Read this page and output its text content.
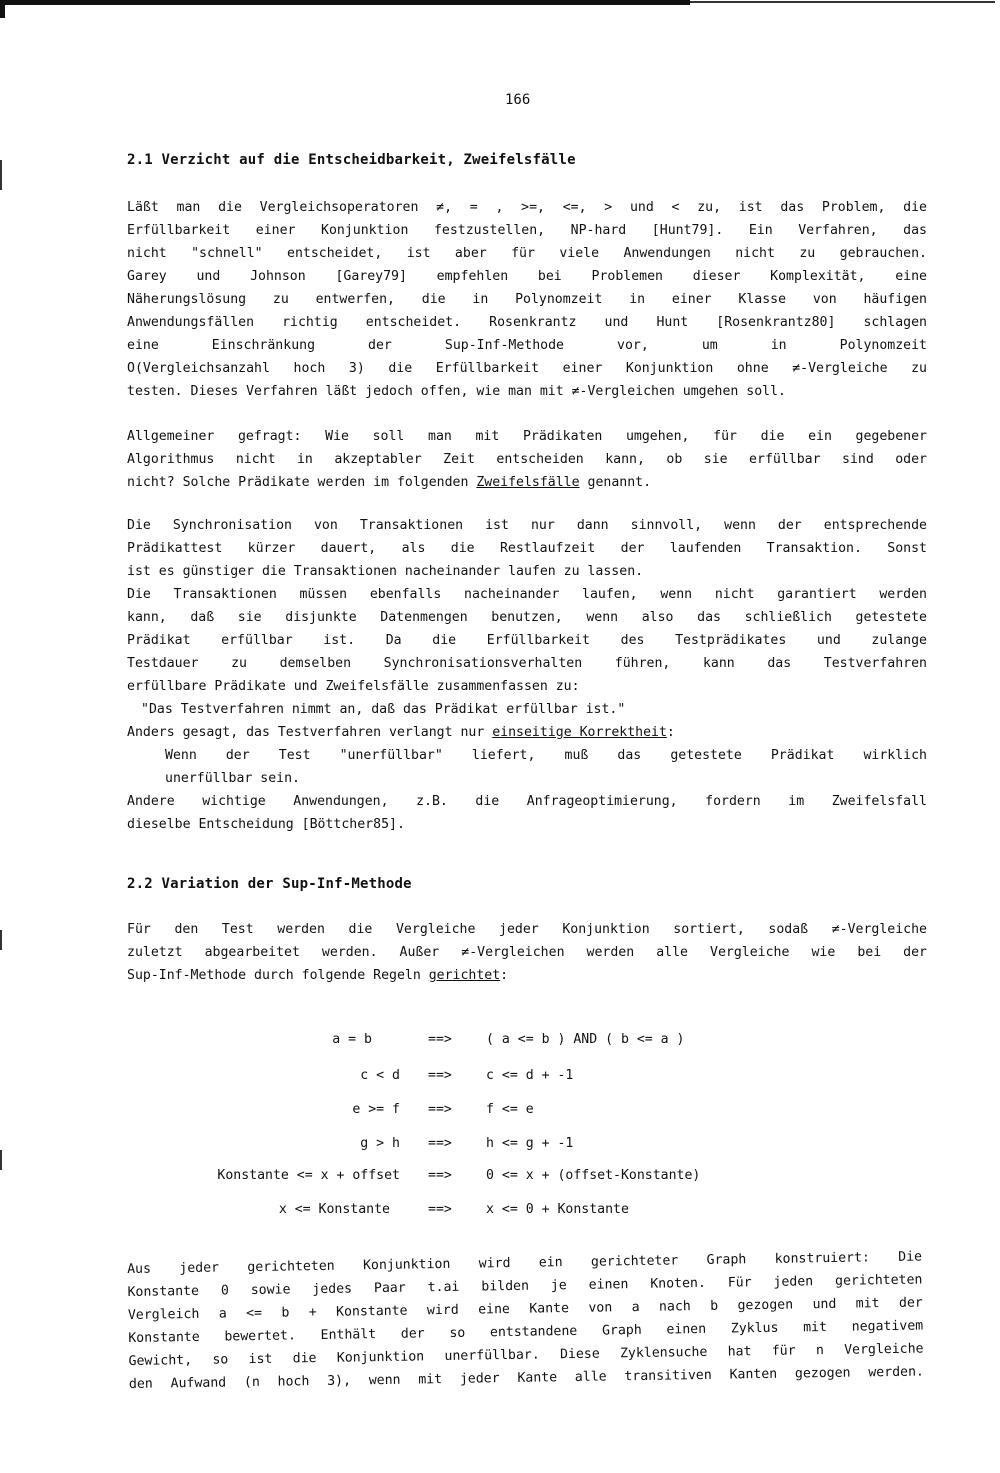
166
2.1 Verzicht auf die Entscheidbarkeit, Zweifelsfälle
Läßt man die Vergleichsoperatoren ≠, = , >=, <=, > und < zu, ist das Problem, die
Erfüllbarkeit einer Konjunktion festzustellen, NP-hard [Hunt79]. Ein Verfahren, das
nicht "schnell" entscheidet, ist aber für viele Anwendungen nicht zu gebrauchen.
Garey und Johnson [Garey79] empfehlen bei Problemen dieser Komplexität, eine
Näherungslösung zu entwerfen, die in Polynomzeit in einer Klasse von häufigen
Anwendungsfällen richtig entscheidet. Rosenkrantz und Hunt [Rosenkrantz80] schlagen
eine Einschränkung der Sup-Inf-Methode vor, um in Polynomzeit
O(Vergleichsanzahl hoch 3) die Erfüllbarkeit einer Konjunktion ohne ≠-Vergleiche zu
testen. Dieses Verfahren läßt jedoch offen, wie man mit ≠-Vergleichen umgehen soll.
Allgemeiner gefragt: Wie soll man mit Prädikaten umgehen, für die ein gegebener
Algorithmus nicht in akzeptabler Zeit entscheiden kann, ob sie erfüllbar sind oder
nicht? Solche Prädikate werden im folgenden Zweifelsfälle genannt.
Die Synchronisation von Transaktionen ist nur dann sinnvoll, wenn der entsprechende
Prädikattest kürzer dauert, als die Restlaufzeit der laufenden Transaktion. Sonst
ist es günstiger die Transaktionen nacheinander laufen zu lassen.
Die Transaktionen müssen ebenfalls nacheinander laufen, wenn nicht garantiert werden
kann, daß sie disjunkte Datenmengen benutzen, wenn also das schließlich getestete
Prädikat erfüllbar ist. Da die Erfüllbarkeit des Testprädikates und zulange
Testdauer zu demselben Synchronisationsverhalten führen, kann das Testverfahren
erfüllbare Prädikate und Zweifelsfälle zusammenfassen zu:
"Das Testverfahren nimmt an, daß das Prädikat erfüllbar ist."
Anders gesagt, das Testverfahren verlangt nur einseitige Korrektheit:
Wenn der Test "unerfüllbar" liefert, muß das getestete Prädikat wirklich
unerfüllbar sein.
Andere wichtige Anwendungen, z.B. die Anfrageoptimierung, fordern im Zweifelsfall
dieselbe Entscheidung [Böttcher85].
2.2 Variation der Sup-Inf-Methode
Für den Test werden die Vergleiche jeder Konjunktion sortiert, sodaß ≠-Vergleiche
zuletzt abgearbeitet werden. Außer ≠-Vergleichen werden alle Vergleiche wie bei der
Sup-Inf-Methode durch folgende Regeln gerichtet:
a = b	==>	( a <= b ) AND ( b <= a )
c < d ==>	c <= d + -1
e >= f ==>	f <= e
g > h ==>	h <= g + -1
Konstante <= x + offset ==>	0 <= x + (offset-Konstante)
x <= Konstante	==>	x <= 0 + Konstante
Aus jeder gerichteten Konjunktion wird ein gerichteter Graph konstruiert: Die
Konstante 0 sowie jedes Paar t.ai bilden je einen Knoten. Für jeden gerichteten
Vergleich a <= b + Konstante wird eine Kante von a nach b gezogen und mit der
Konstante bewertet. Enthält der so entstandene Graph einen Zyklus mit negativem
Gewicht, so ist die Konjunktion unerfüllbar. Diese Zyklensuche hat für n Vergleiche
den Aufwand (n hoch 3), wenn mit jeder Kante alle transitiven Kanten gezogen werden.
